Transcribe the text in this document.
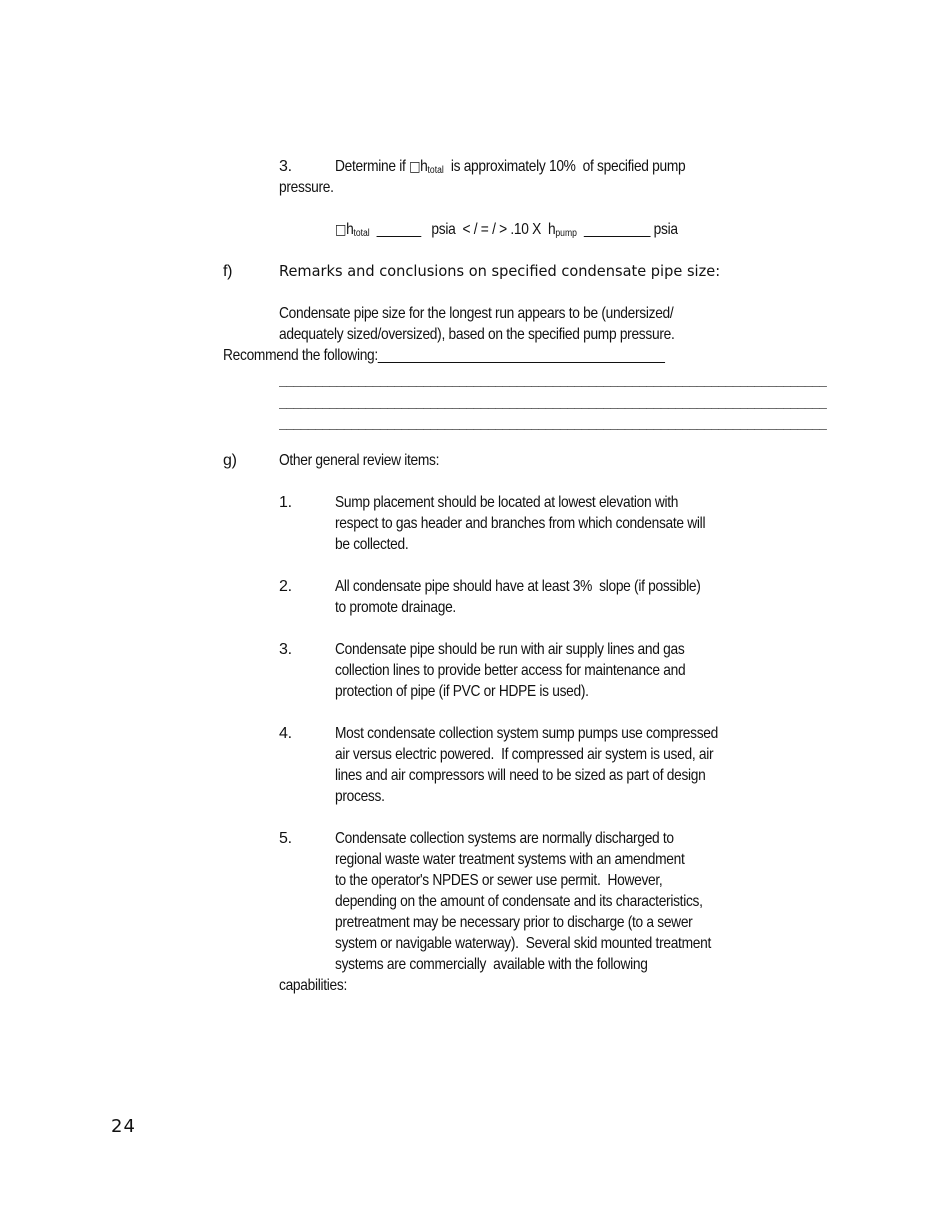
3.	Determine if $□h_{total}$  is approximately 10%  of specified pump
pressure.
$□h_{total}$  ______   psia  < / = / > .10 X  $h_{pump}$  _________ psia
f)	Remarks and conclusions on specified condensate pipe size:
Condensate pipe size for the longest run appears to be (undersized/
adequately sized/oversized), based on the specified pump pressure.
Recommend the following:_______________________________________
____________________________________________________________________________
____________________________________________________________________________
____________________________________________________________________________
g)	Other general review items:
1.	Sump placement should be located at lowest elevation with
respect to gas header and branches from which condensate will
be collected.
2.	All condensate pipe should have at least 3%  slope (if possible)
to promote drainage.
3.	Condensate pipe should be run with air supply lines and gas
collection lines to provide better access for maintenance and
protection of pipe (if PVC or HDPE is used).
4.	Most condensate collection system sump pumps use compressed
air versus electric powered.  If compressed air system is used, air
lines and air compressors will need to be sized as part of design
process.
5.	Condensate collection systems are normally discharged to
regional waste water treatment systems with an amendment
to the operator's NPDES or sewer use permit.  However,
depending on the amount of condensate and its characteristics,
pretreatment may be necessary prior to discharge (to a sewer
system or navigable waterway).  Several skid mounted treatment
systems are commercially  available with the following
capabilities:
24
